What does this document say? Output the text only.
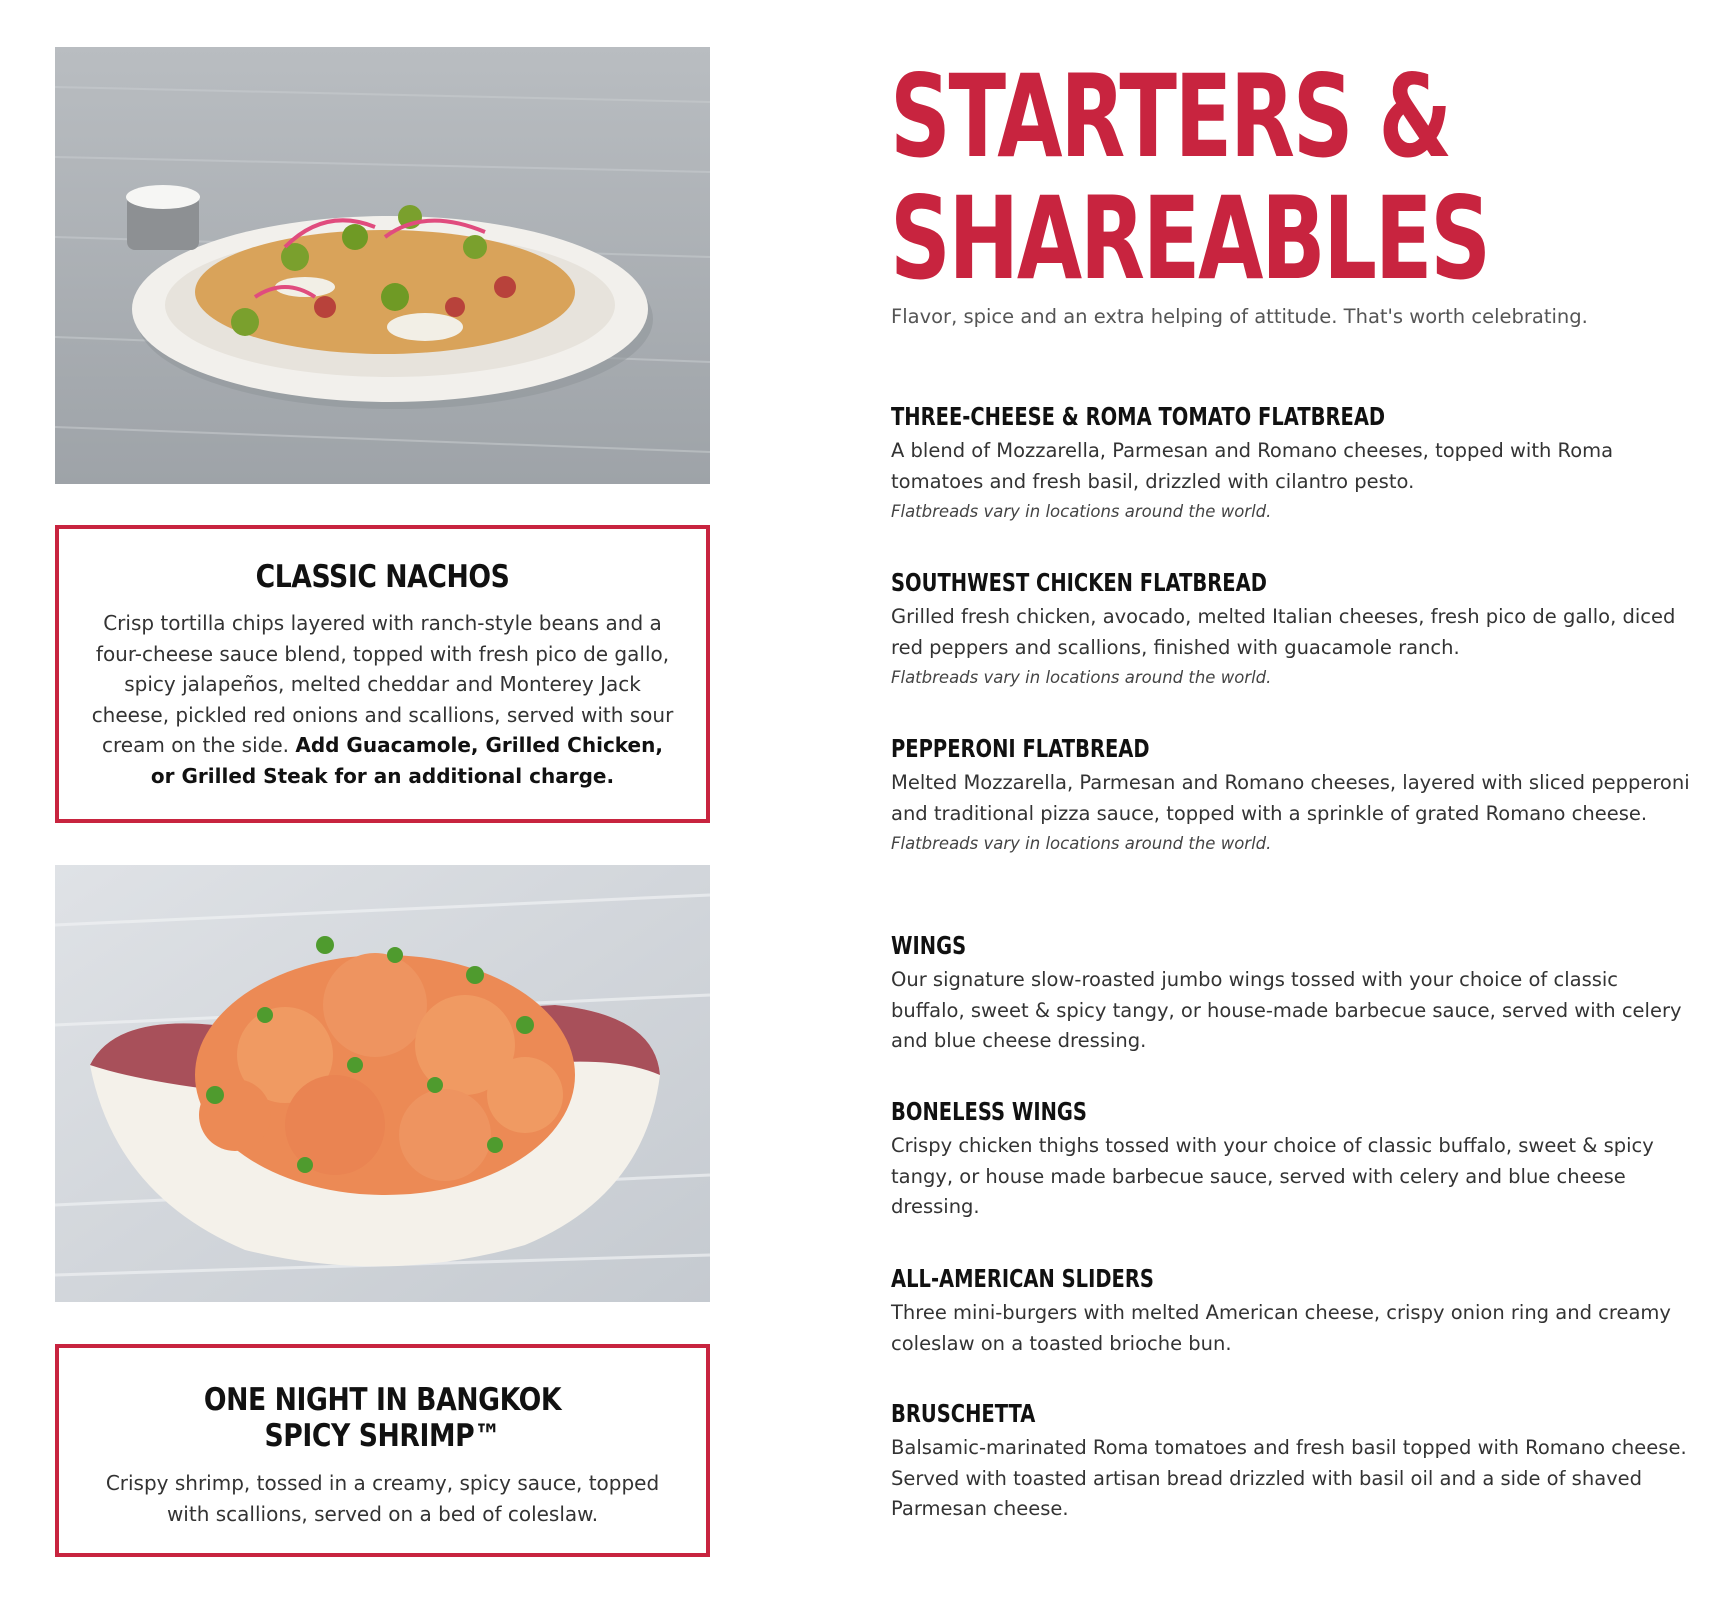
CLASSIC NACHOS

Crisp tortilla chips layered with ranch-style beans and a four-cheese sauce blend, topped with fresh pico de gallo, spicy jalapeños, melted cheddar and Monterey Jack cheese, pickled red onions and scallions, served with sour cream on the side. Add Guacamole, Grilled Chicken, or Grilled Steak for an additional charge.

ONE NIGHT IN BANGKOK
SPICY SHRIMP™

Crispy shrimp, tossed in a creamy, spicy sauce, topped with scallions, served on a bed of coleslaw.

STARTERS &
SHAREABLES

Flavor, spice and an extra helping of attitude. That's worth celebrating.

THREE-CHEESE & ROMA TOMATO FLATBREAD

A blend of Mozzarella, Parmesan and Romano cheeses, topped with Roma tomatoes and fresh basil, drizzled with cilantro pesto.

Flatbreads vary in locations around the world.

SOUTHWEST CHICKEN FLATBREAD

Grilled fresh chicken, avocado, melted Italian cheeses, fresh pico de gallo, diced red peppers and scallions, finished with guacamole ranch.

Flatbreads vary in locations around the world.

PEPPERONI FLATBREAD

Melted Mozzarella, Parmesan and Romano cheeses, layered with sliced pepperoni and traditional pizza sauce, topped with a sprinkle of grated Romano cheese.

Flatbreads vary in locations around the world.

WINGS

Our signature slow-roasted jumbo wings tossed with your choice of classic buffalo, sweet & spicy tangy, or house-made barbecue sauce, served with celery and blue cheese dressing.

BONELESS WINGS

Crispy chicken thighs tossed with your choice of classic buffalo, sweet & spicy tangy, or house made barbecue sauce, served with celery and blue cheese dressing.

ALL-AMERICAN SLIDERS

Three mini-burgers with melted American cheese, crispy onion ring and creamy coleslaw on a toasted brioche bun.

BRUSCHETTA

Balsamic-marinated Roma tomatoes and fresh basil topped with Romano cheese. Served with toasted artisan bread drizzled with basil oil and a side of shaved Parmesan cheese.
